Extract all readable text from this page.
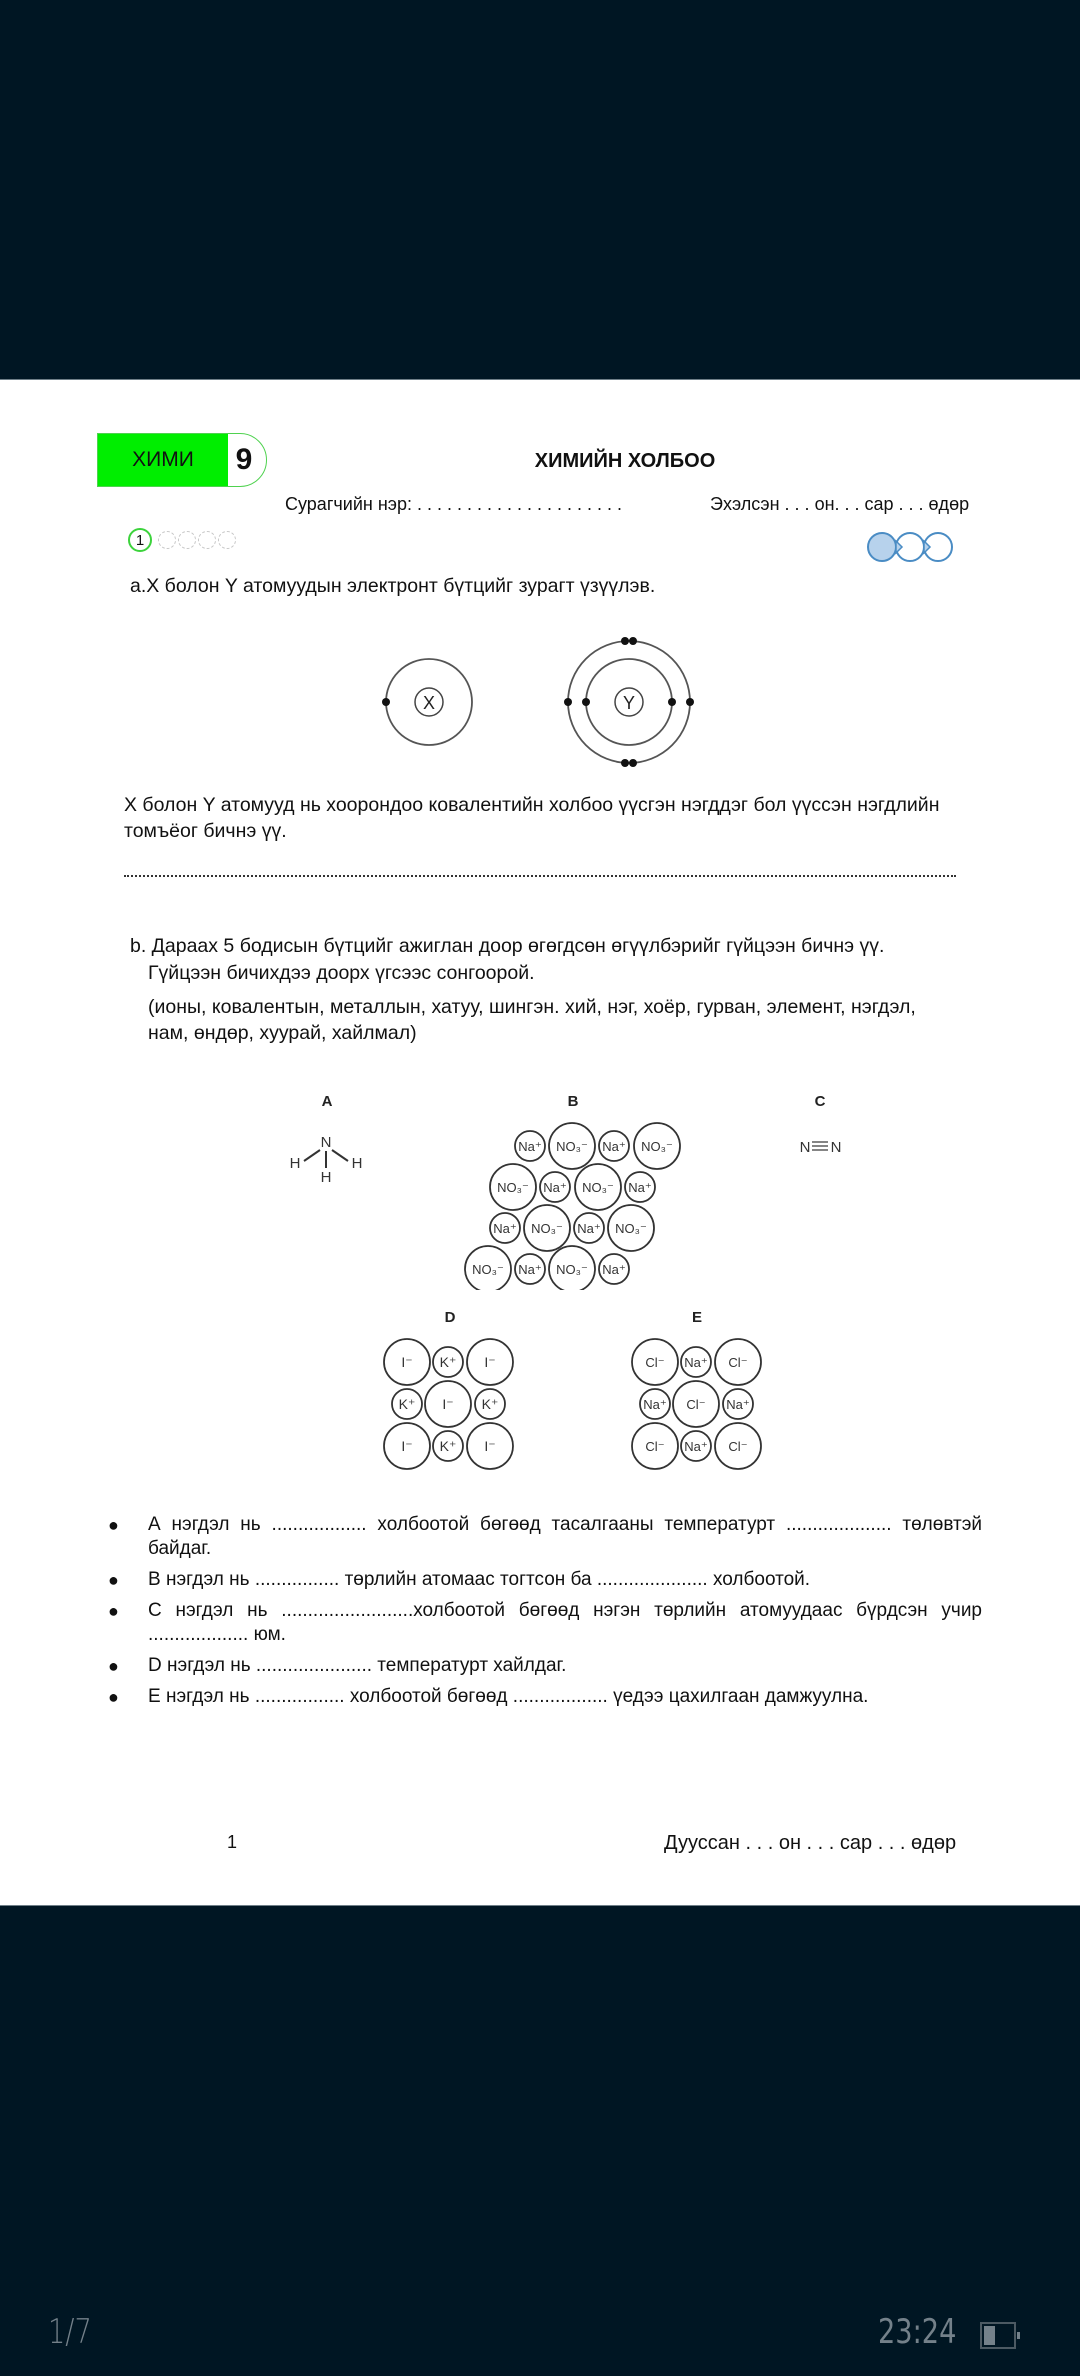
ХИМИ	9	ХИМИЙН ХОЛБОО
Сурагчийн нэр: . . . . . . . . . . . . . . . . . . . . .	Эхэлсэн . . . он. . . сар . . . өдөр
1
a.X болон Y атомуудын электронт бүтцийг зурагт үзүүлэв.
X	Y
X болон Y атомууд нь хоорондоо ковалентийн холбоо үүсгэн нэгддэг бол үүссэн нэгдлийн томъёог бичнэ үү.
b. Дараах 5 бодисын бүтцийг ажиглан доор өгөгдсөн өгүүлбэрийг гүйцээн бичнэ үү.
Гүйцээн бичихдээ доорх үгсээс сонгоорой.
(ионы, ковалентын, металлын, хатуу, шингэн. хий, нэг, хоёр, гурван, элемент, нэгдэл, нам, өндөр, хуурай, хайлмал)
A
N
H	H
H
B
Na⁺ NO₃⁻ Na⁺ NO₃⁻
NO₃⁻ Na⁺ NO₃⁻ Na⁺
Na⁺ NO₃⁻ Na⁺ NO₃⁻
NO₃⁻ Na⁺ NO₃⁻ Na⁺
C
N N
D
I⁻ K⁺ I⁻
K⁺ I⁻ K⁺
I⁻ K⁺ I⁻
E
Cl⁻ Na⁺ Cl⁻
Na⁺ Cl⁻ Na⁺
Cl⁻ Na⁺ Cl⁻
●	А нэгдэл нь .................. холбоотой бөгөөд тасалгааны температурт .................... төлөвтэй байдаг.
●	В нэгдэл нь ................ төрлийн атомаас тогтсон ба ..................... холбоотой.
●	С нэгдэл нь .........................холбоотой бөгөөд нэгэн төрлийн атомуудаас бүрдсэн учир ................... юм.
●	D нэгдэл нь ...................... температурт хайлдаг.
●	Е нэгдэл нь ................. холбоотой бөгөөд .................. үедээ цахилгаан дамжуулна.
1	Дууссан . . . он . . . сар . . . өдөр
1/7	23:24
